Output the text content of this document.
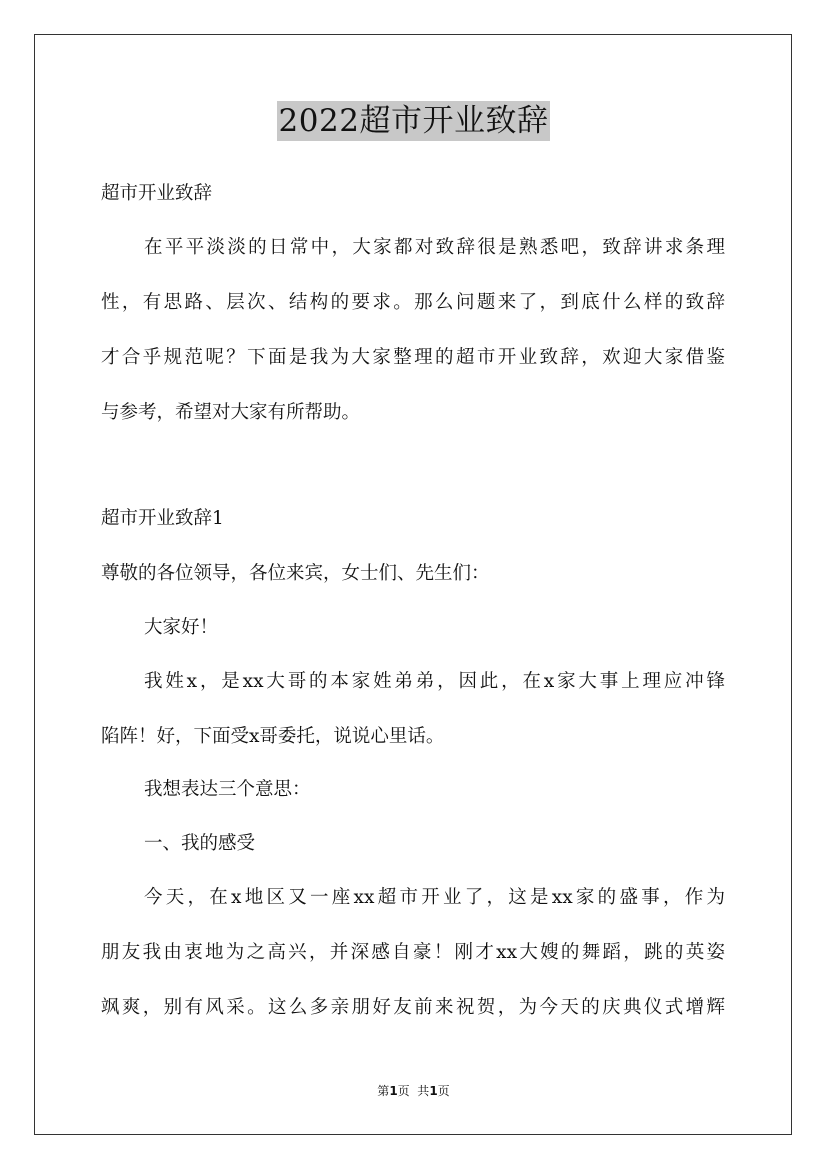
2022超市开业致辞

超市开业致辞

在平平淡淡的日常中，大家都对致辞很是熟悉吧，致辞讲求条理
性，有思路、层次、结构的要求。那么问题来了，到底什么样的致辞
才合乎规范呢？下面是我为大家整理的超市开业致辞，欢迎大家借鉴
与参考，希望对大家有所帮助。

超市开业致辞1

尊敬的各位领导，各位来宾，女士们、先生们：

大家好！

我姓x，是xx大哥的本家姓弟弟，因此，在x家大事上理应冲锋
陷阵！好，下面受x哥委托，说说心里话。

我想表达三个意思：

一、我的感受

今天，在x地区又一座xx超市开业了，这是xx家的盛事，作为
朋友我由衷地为之高兴，并深感自豪！刚才xx大嫂的舞蹈，跳的英姿
飒爽，别有风采。这么多亲朋好友前来祝贺，为今天的庆典仪式增辉
第1页  共1页
